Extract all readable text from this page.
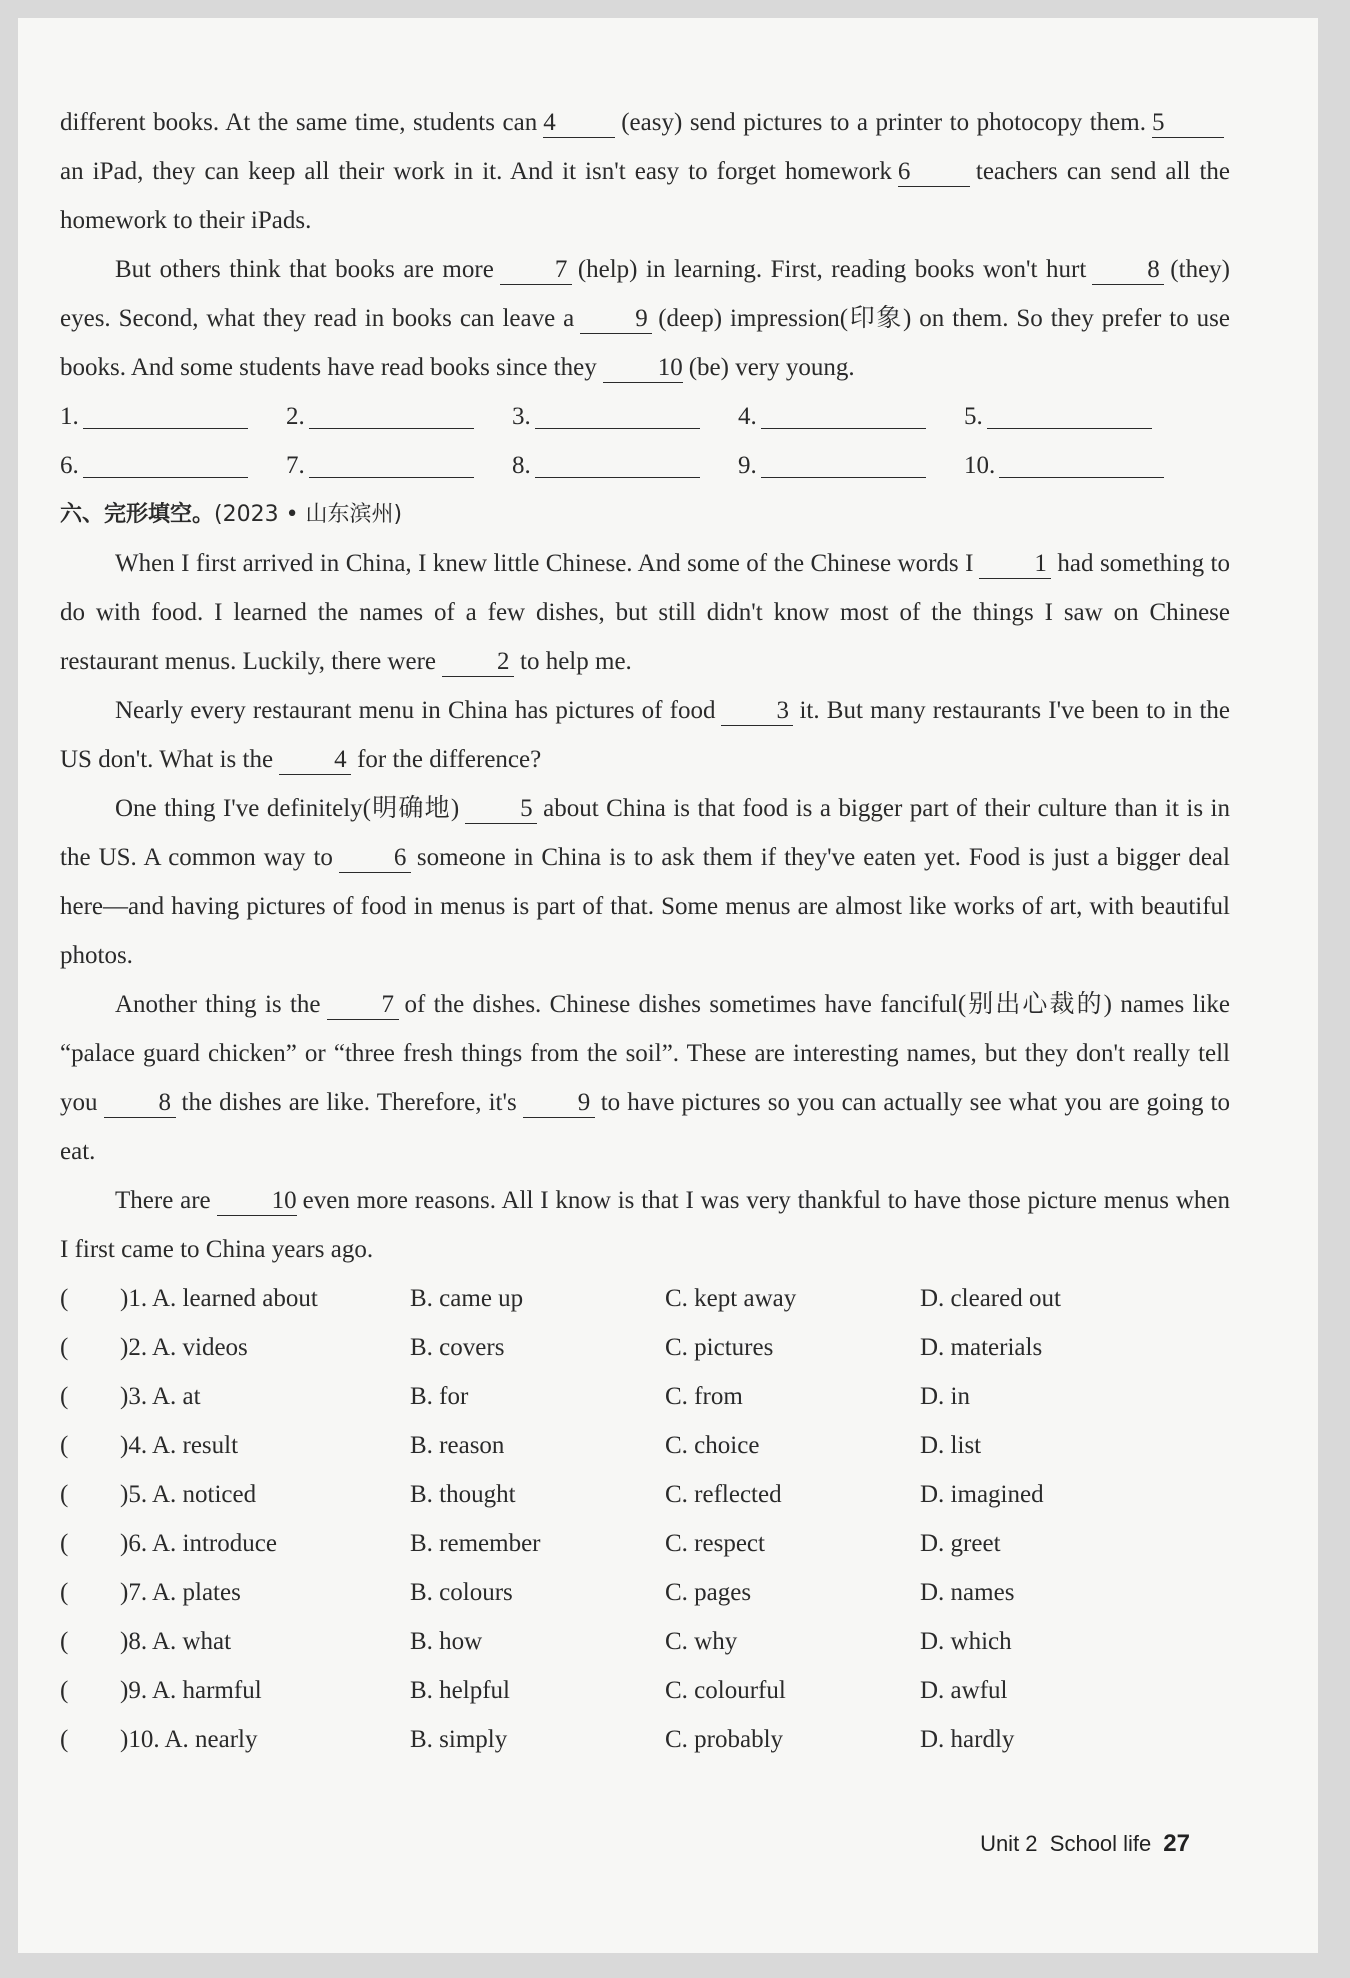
different books. At the same time, students can 4	(easy) send pictures to a printer to photocopy them. 5an iPad, they can keep all their work in it. And it isn't easy to forget homework 6	teachers can send all the homework to their iPads.

But others think that books are more 7 (help) in learning. First, reading books won't hurt 8 (they) eyes. Second, what they read in books can leave a 9 (deep) impression(印象) on them. So they prefer to use books. And some students have read books since they 10 (be) very young.

1.	2.	3.	4.	5.
6.	7.	8.	9.	10.
六、完形填空。(2023 • 山东滨州)

When I first arrived in China, I knew little Chinese. And some of the Chinese words I 1 had something to do with food. I learned the names of a few dishes, but still didn't know most of the things I saw on Chinese restaurant menus. Luckily, there were 2 to help me.

Nearly every restaurant menu in China has pictures of food 3 it. But many restaurants I've been to in the US don't. What is the 4 for the difference?

One thing I've definitely(明确地) 5 about China is that food is a bigger part of their culture than it is in the US. A common way to 6 someone in China is to ask them if they've eaten yet. Food is just a bigger deal here—and having pictures of food in menus is part of that. Some menus are almost like works of art, with beautiful photos.

Another thing is the 7 of the dishes. Chinese dishes sometimes have fanciful(别出心裁的) names like “palace guard chicken” or “three fresh things from the soil”. These are interesting names, but they don't really tell you 8 the dishes are like. Therefore, it's 9 to have pictures so you can actually see what you are going to eat.

There are 10 even more reasons. All I know is that I was very thankful to have those picture menus when I first came to China years ago.

(	)1. A. learned about	B. came up	C. kept away	D. cleared out
(	)2. A. videos	B. covers	C. pictures	D. materials
(	)3. A. at	B. for	C. from	D. in
(	)4. A. result	B. reason	C. choice	D. list
(	)5. A. noticed	B. thought	C. reflected	D. imagined
(	)6. A. introduce	B. remember	C. respect	D. greet
(	)7. A. plates	B. colours	C. pages	D. names
(	)8. A. what	B. how	C. why	D. which
(	)9. A. harmful	B. helpful	C. colourful	D. awful
(	)10. A. nearly	B. simply	C. probably	D. hardly
Unit 2 School life 27
